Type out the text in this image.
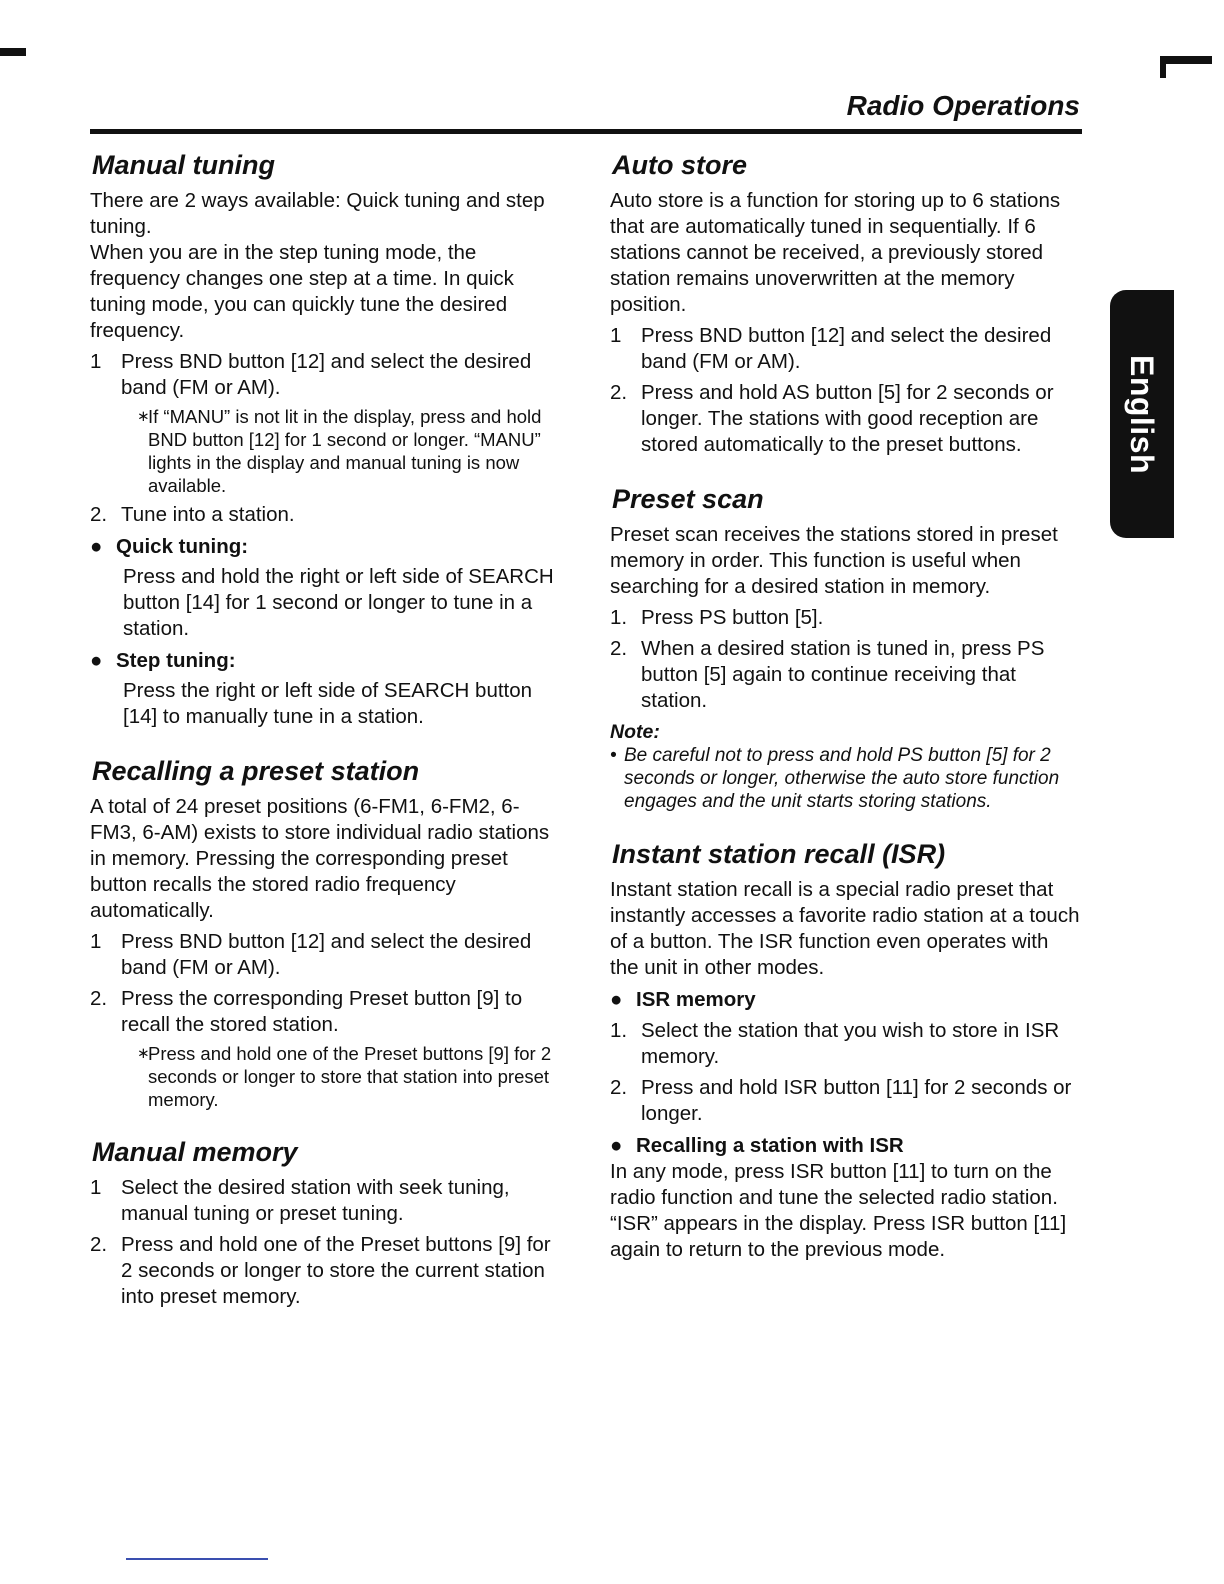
Radio Operations
English
Manual tuning

There are 2 ways available: Quick tuning and step tuning.

When you are in the step tuning mode, the frequency changes one step at a time. In quick tuning mode, you can quickly tune the desired frequency.

1 Press BND button [12] and select the desired band (FM or AM).
∗
If “MANU” is not lit in the display, press and hold BND button [12] for 1 second or longer. “MANU” lights in the display and manual tuning is now available.
2. Tune into a station.
● Quick tuning:

Press and hold the right or left side of SEARCH button [14] for 1 second or longer to tune in a station.

● Step tuning:

Press the right or left side of SEARCH button [14] to manually tune in a station.

Recalling a preset station

A total of 24 preset positions (6-FM1, 6-FM2, 6-FM3, 6-AM) exists to store individual radio stations in memory. Pressing the corresponding preset button recalls the stored radio frequency automatically.

1 Press BND button [12] and select the desired band (FM or AM).
2. Press the corresponding Preset button [9] to recall the stored station.
∗
Press and hold one of the Preset buttons [9] for 2 seconds or longer to store that station into preset memory.
Manual memory
1 Select the desired station with seek tuning, manual tuning or preset tuning.
2. Press and hold one of the Preset buttons [9] for 2 seconds or longer to store the current station into preset memory.
Auto store

Auto store is a function for storing up to 6 stations that are automatically tuned in sequentially. If 6 stations cannot be received, a previously stored station remains unoverwritten at the memory position.

1 Press BND button [12] and select the desired band (FM or AM).
2. Press and hold AS button [5] for 2 seconds or longer. The stations with good reception are stored automatically to the preset buttons.
Preset scan

Preset scan receives the stations stored in preset memory in order. This function is useful when searching for a desired station in memory.

1. Press PS button [5].
2. When a desired station is tuned in, press PS button [5] again to continue receiving that station.
Note:
• Be careful not to press and hold PS button [5] for 2 seconds or longer, otherwise the auto store function engages and the unit starts storing stations.
Instant station recall (ISR)

Instant station recall is a special radio preset that instantly accesses a favorite radio station at a touch of a button. The ISR function even operates with the unit in other modes.

● ISR memory
1. Select the station that you wish to store in ISR memory.
2. Press and hold ISR button [11] for 2 seconds or longer.
● Recalling a station with ISR

In any mode, press ISR button [11] to turn on the radio function and tune the selected radio station. “ISR” appears in the display. Press ISR button [11] again to return to the previous mode.
